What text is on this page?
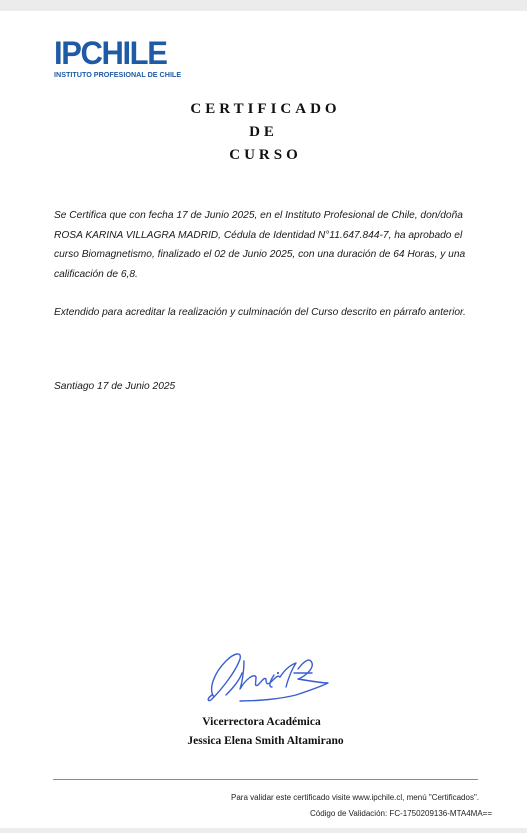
IPCHILE
INSTITUTO PROFESIONAL DE CHILE
CERTIFICADO
DE
CURSO
Se Certifica que con fecha 17 de Junio 2025, en el Instituto Profesional de Chile, don/doña ROSA KARINA VILLAGRA MADRID, Cédula de Identidad N°11.647.844-7, ha aprobado el curso Biomagnetismo, finalizado el 02 de Junio 2025, con una duración de 64 Horas, y una calificación de 6,8.
Extendido para acreditar la realización y culminación del Curso descrito en párrafo anterior.
Santiago 17 de Junio 2025
Vicerrectora Académica
Jessica Elena Smith Altamirano
Para validar este certificado visite www.ipchile.cl, menú "Certificados".
Código de Validación: FC-1750209136-MTA4MA==
